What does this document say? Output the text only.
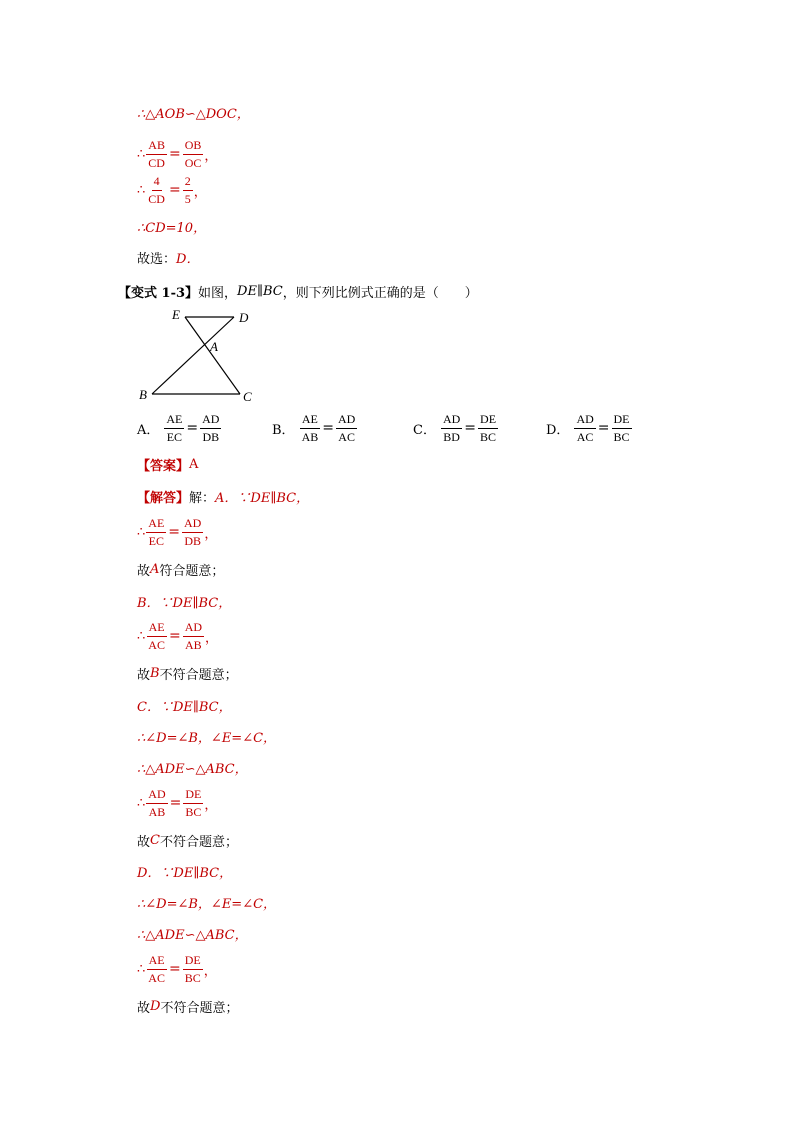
∴△AOB∽△DOC，
∴ $\frac{AB}{CD} = \frac{OB}{OC}$ ，
∴ $\frac{4}{CD} = \frac{2}{5}$ ，
∴CD=10，
故选： D．
【变式 1-3】 如图， DE∥BC ，则下列比例式正确的是（　　）
E	D
A
B	C
A． $\frac{AE}{EC} = \frac{AD}{DB}$	B． $\frac{AE}{AB} = \frac{AD}{AC}$	C． $\frac{AD}{BD} = \frac{DE}{BC}$	D． $\frac{AD}{AC} = \frac{DE}{BC}$
【答案】 A
【解答】 解： A．∵DE∥BC，
∴ $\frac{AE}{EC} = \frac{AD}{DB}$ ，
故 A 符合题意；
B．∵DE∥BC，
∴ $\frac{AE}{AC} = \frac{AD}{AB}$ ，
故 B 不符合题意；
C．∵DE∥BC，
∴∠D=∠B，∠E=∠C，
∴△ADE∽△ABC，
∴ $\frac{AD}{AB} = \frac{DE}{BC}$ ，
故 C 不符合题意；
D．∵DE∥BC，
∴∠D=∠B，∠E=∠C，
∴△ADE∽△ABC，
∴ $\frac{AE}{AC} = \frac{DE}{BC}$ ，
故 D 不符合题意；
